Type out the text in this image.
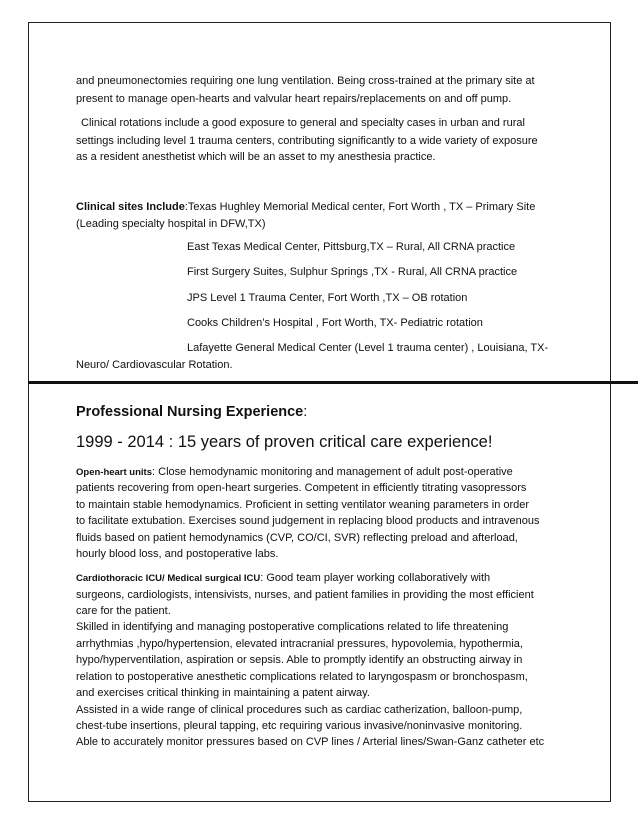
and pneumonectomies requiring one lung ventilation. Being cross-trained at the primary site at

present to manage open-hearts and valvular heart repairs/replacements on and off pump.

Clinical rotations include a good exposure to general and specialty cases in urban and rural

settings including level 1 trauma centers, contributing significantly to a wide variety of exposure

as a resident anesthetist which will be an asset to my anesthesia practice.

Clinical sites Include:Texas Hughley Memorial Medical center, Fort Worth , TX – Primary Site

(Leading specialty hospital in DFW,TX)

East Texas Medical Center, Pittsburg,TX – Rural, All CRNA practice

First Surgery Suites, Sulphur Springs ,TX - Rural, All CRNA practice

JPS Level 1 Trauma Center, Fort Worth ,TX – OB rotation

Cooks Children’s Hospital , Fort Worth, TX- Pediatric rotation

Lafayette General Medical Center (Level 1 trauma center) , Louisiana, TX-

Neuro/ Cardiovascular Rotation.

Professional Nursing Experience:

1999 - 2014 : 15 years of proven critical care experience!

Open-heart units: Close hemodynamic monitoring and management of adult post-operative

patients recovering from open-heart surgeries. Competent in efficiently titrating vasopressors

to maintain stable hemodynamics. Proficient in setting ventilator weaning parameters in order

to facilitate extubation. Exercises sound judgement in replacing blood products and intravenous

fluids based on patient hemodynamics (CVP, CO/CI, SVR) reflecting preload and afterload,

hourly blood loss, and postoperative labs.

Cardiothoracic ICU/ Medical surgical ICU: Good team player working collaboratively with

surgeons, cardiologists, intensivists, nurses, and patient families in providing the most efficient

care for the patient.

Skilled in identifying and managing postoperative complications related to life threatening

arrhythmias ,hypo/hypertension, elevated intracranial pressures, hypovolemia, hypothermia,

hypo/hyperventilation, aspiration or sepsis. Able to promptly identify an obstructing airway in

relation to postoperative anesthetic complications related to laryngospasm or bronchospasm,

and exercises critical thinking in maintaining a patent airway.

Assisted in a wide range of clinical procedures such as cardiac catherization, balloon-pump,

chest-tube insertions, pleural tapping, etc requiring various invasive/noninvasive monitoring.

Able to accurately monitor pressures based on CVP lines / Arterial lines/Swan-Ganz catheter etc
